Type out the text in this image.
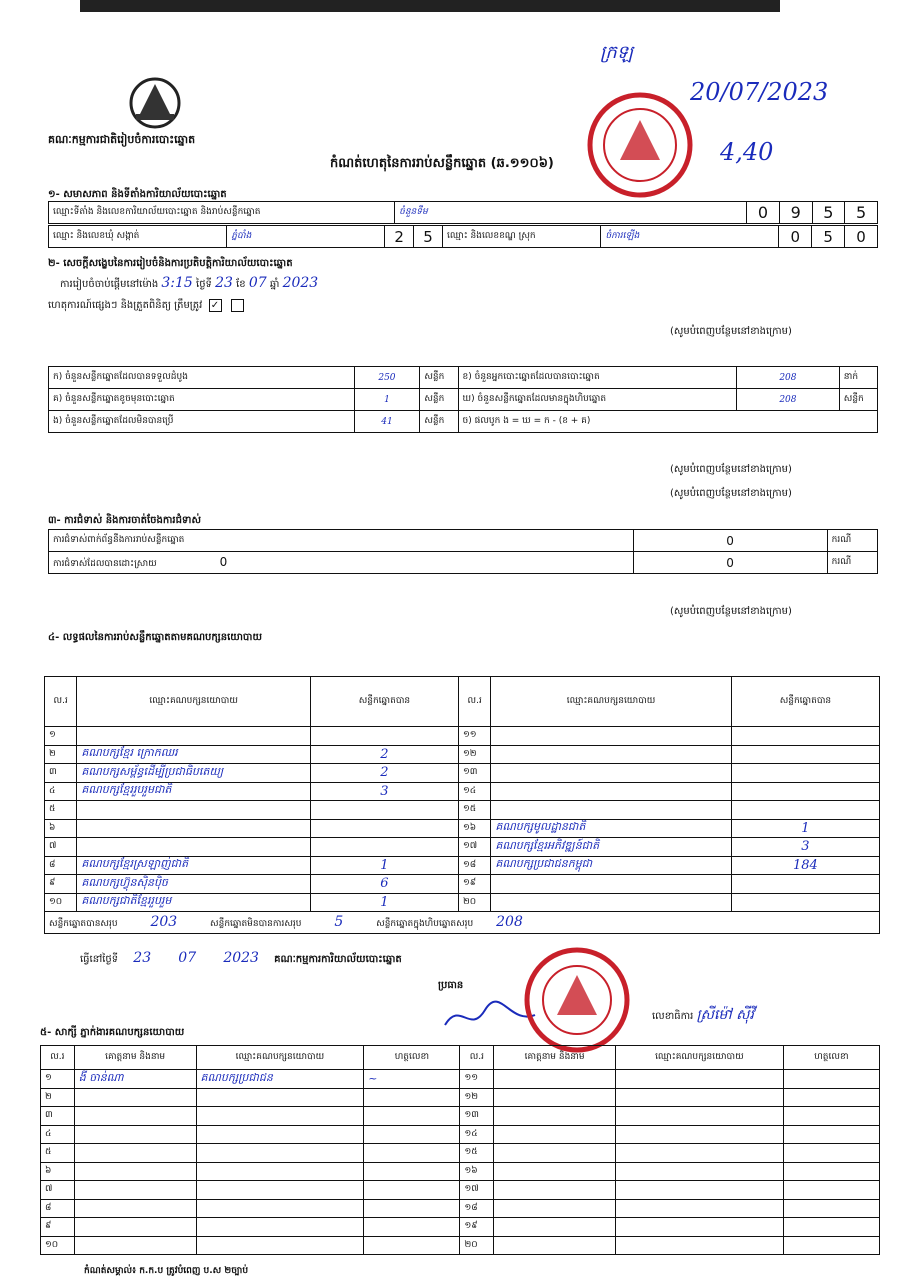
គណៈកម្មការជាតិរៀបចំការបោះឆ្នោត
កំណត់ហេតុនៃការរាប់សន្លឹកឆ្នោត (ឆ.១១០៦)
ក្រឡ
20/07/2023
4,40
១- សមាសភាព និងទីតាំងការិយាល័យបោះឆ្នោត
ឈ្មោះទីតាំង និងលេខការិយាល័យបោះឆ្នោត និងរាប់សន្លឹកឆ្នោត	ចំនួនទឹម	0	9	5	5
ឈ្មោះ និងលេខឃុំ សង្កាត់	ភ្នំបាំង	2	5	ឈ្មោះ និងលេខខណ្ឌ ស្រុក	ចំការឡើង	0	5	0
២- សេចក្តីសង្ខេបនៃការរៀបចំនិងការប្រតិបត្តិការិយាល័យបោះឆ្នោត
ការរៀបចំចាប់ផ្តើមនៅម៉ោង 3:15 ថ្ងៃទី 23 ខែ 07 ឆ្នាំ 2023
ហេតុការណ៍ផ្សេងៗ និងត្រួតពិនិត្យ ត្រឹមត្រូវ ✓
(សូមបំពេញបន្ថែមនៅខាងក្រោម)
ក) ចំនួនសន្លឹកឆ្នោតដែលបានទទួលដំបូង	250	សន្លឹក	ខ) ចំនួនអ្នកបោះឆ្នោតដែលបានបោះឆ្នោត	208	នាក់
គ) ចំនួនសន្លឹកឆ្នោតខូចមុនបោះឆ្នោត	1	សន្លឹក	ឃ) ចំនួនសន្លឹកឆ្នោតដែលមានក្នុងហិបឆ្នោត	208	សន្លឹក
ង) ចំនួនសន្លឹកឆ្នោតដែលមិនបានប្រើ	41	សន្លឹក	ច) ផលបូក ង = ឃ = ក - (ខ + គ)		
(សូមបំពេញបន្ថែមនៅខាងក្រោម)
(សូមបំពេញបន្ថែមនៅខាងក្រោម)
៣- ការជំទាស់ និងការចាត់ចែងការជំទាស់
ការជំទាស់ពាក់ព័ន្ធនឹងការរាប់សន្លឹកឆ្នោត	0	ករណី
ការជំទាស់ដែលបានដោះស្រាយ 0	0	ករណី
(សូមបំពេញបន្ថែមនៅខាងក្រោម)
៤- លទ្ធផលនៃការរាប់សន្លឹកឆ្នោតតាមគណបក្សនយោបាយ
ល.រ	ឈ្មោះគណបក្សនយោបាយ	សន្លឹកឆ្នោតបាន	ល.រ	ឈ្មោះគណបក្សនយោបាយ	សន្លឹកឆ្នោតបាន
១			១១		
២	គណបក្សខ្មែរ ក្រោកឈរ	2	១២		
៣	គណបក្សសម្ព័ន្ធដើម្បីប្រជាធិបតេយ្យ	2	១៣		
៤	គណបក្សខ្មែររួបរួមជាតិ	3	១៤		
៥			១៥		
៦			១៦	គណបក្សមូលដ្ឋានជាតិ	1
៧			១៧	គណបក្សខ្មែរអភិវឌ្ឍន៍ជាតិ	3
៨	គណបក្សខ្មែរស្រឡាញ់ជាតិ	1	១៨	គណបក្សប្រជាជនកម្ពុជា	184
៩	គណបក្សហ៊្វុនស៊ិនប៉ិច	6	១៩		
១០	គណបក្សជាតិខ្មែររួបរួម	1	២០		
សន្លឹកឆ្នោតបានសរុប 203 សន្លឹកឆ្នោតមិនបានការសរុប 5 សន្លឹកឆ្នោតក្នុងហិបឆ្នោតសរុប 208					
ធ្វើនៅថ្ងៃទី 23 07 2023 គណៈកម្មការការិយាល័យបោះឆ្នោត
ប្រធាន
លេខាធិការ ស្រីម៉ៅ ស៊ីវី
៥- សាក្សី ភ្នាក់ងារគណបក្សនយោបាយ
ល.រ	គោត្តនាម និងនាម	ឈ្មោះគណបក្សនយោបាយ	ហត្ថលេខា	ល.រ	គោត្តនាម និងនាម	ឈ្មោះគណបក្សនយោបាយ	ហត្ថលេខា
១	ងី ចាន់ណា	គណបក្សប្រជាជន	~	១១			
២				១២			
៣				១៣			
៤				១៤			
៥				១៥			
៦				១៦			
៧				១៧			
៨				១៨			
៩				១៩			
១០				២០			
កំណត់សម្គាល់៖ ក.ក.ប ត្រូវបំពេញ ប.ស ២ច្បាប់
